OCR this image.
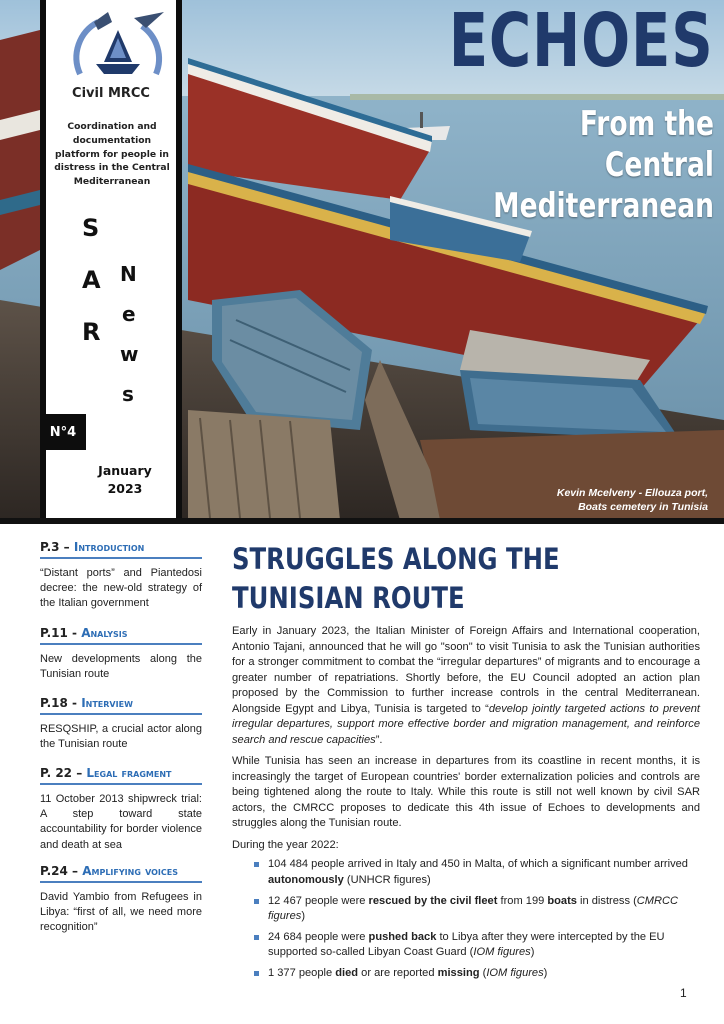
ECHOES
From the Central
Mediterranean
Kevin Mcelveny - Ellouza port,
Boats cemetery in Tunisia
Civil MRCC
Coordination and documentation platform for people in distress in the Central Mediterranean
S
A
R
N
e
w
s
N°4
January
2023
P.3 – Introduction
“Distant ports” and Piantedosi decree: the new-old strategy of the Italian government
P.11 - Analysis
New developments along the Tunisian route
P.18 - Interview
RESQSHIP, a crucial actor along the Tunisian route
P. 22 – Legal fragment
11 October 2013 shipwreck trial: A step toward state accountability for border violence and death at sea
P.24 – Amplifying voices
David Yambio from Refugees in Libya: “first of all, we need more recognition”
STRUGGLES ALONG THE TUNISIAN ROUTE

Early in January 2023, the Italian Minister of Foreign Affairs and International cooperation, Antonio Tajani, announced that he will go "soon" to visit Tunisia to ask the Tunisian authorities for a stronger commitment to combat the “irregular departures” of migrants and to encourage a greater number of repatriations. Shortly before, the EU Council adopted an action plan proposed by the Commission to further increase controls in the central Mediterranean. Alongside Egypt and Libya, Tunisia is targeted to “develop jointly targeted actions to prevent irregular departures, support more effective border and migration management, and reinforce search and rescue capacities”.

While Tunisia has seen an increase in departures from its coastline in recent months, it is increasingly the target of European countries' border externalization policies and controls are being tightened along the route to Italy. While this route is still not well known by civil SAR actors, the CMRCC proposes to dedicate this 4th issue of Echoes to developments and struggles along the Tunisian route.

During the year 2022:

104 484 people arrived in Italy and 450 in Malta, of which a significant number arrived autonomously (UNHCR figures)
12 467 people were rescued by the civil fleet from 199 boats in distress (CMRCC figures)
24 684 people were pushed back to Libya after they were intercepted by the EU supported so-called Libyan Coast Guard (IOM figures)
1 377 people died or are reported missing (IOM figures)
1
